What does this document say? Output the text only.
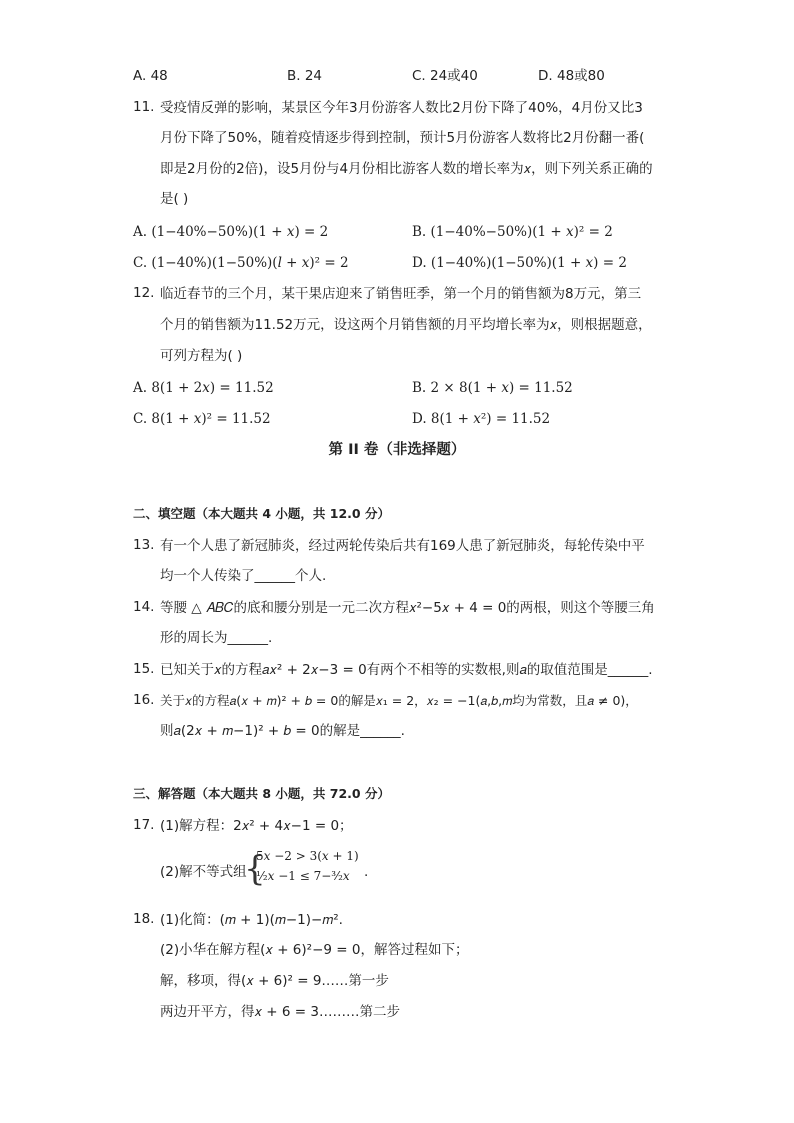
A. 48	B. 24	C. 24或40	D. 48或80
11. 受疫情反弹的影响，某景区今年3月份游客人数比2月份下降了40%，4月份又比3
月份下降了50%，随着疫情逐步得到控制，预计5月份游客人数将比2月份翻一番(
即是2月份的2倍)，设5月份与4月份相比游客人数的增长率为𝑥，则下列关系正确的
是( )
A. (1−40%−50%)(1 + 𝑥) = 2	B. (1−40%−50%)(1 + 𝑥)² = 2
C. (1−40%)(1−50%)(𝑙 + 𝑥)² = 2	D. (1−40%)(1−50%)(1 + 𝑥) = 2
12. 临近春节的三个月，某干果店迎来了销售旺季，第一个月的销售额为8万元，第三
个月的销售额为11.52万元，设这两个月销售额的月平均增长率为𝑥，则根据题意，
可列方程为( )
A. 8(1 + 2𝑥) = 11.52	B. 2 × 8(1 + 𝑥) = 11.52
C. 8(1 + 𝑥)² = 11.52	D. 8(1 + 𝑥²) = 11.52
第 II 卷（非选择题）
二、填空题（本大题共 4 小题，共 12.0 分）
13. 有一个人患了新冠肺炎，经过两轮传染后共有169人患了新冠肺炎，每轮传染中平
均一个人传染了______个人.
14. 等腰 △ 𝐴𝐵𝐶的底和腰分别是一元二次方程𝑥²−5𝑥 + 4 = 0的两根，则这个等腰三角
形的周长为______.
15. 已知关于𝑥的方程𝑎𝑥² + 2𝑥−3 = 0有两个不相等的实数根,则𝑎的取值范围是______.
16. 关于𝑥的方程𝑎(𝑥 + 𝑚)² + 𝑏 = 0的解是𝑥₁ = 2，𝑥₂ = −1(𝑎,𝑏,𝑚均为常数，且𝑎 ≠ 0)，
则𝑎(2𝑥 + 𝑚−1)² + 𝑏 = 0的解是______.
三、解答题（本大题共 8 小题，共 72.0 分）
17. (1)解方程：2𝑥² + 4𝑥−1 = 0；
(2)解不等式组
{
5𝑥 −2 > 3(𝑥 + 1)
½𝑥 −1 ≤ 7−³⁄₂𝑥 .
18. (1)化简：(𝑚 + 1)(𝑚−1)−𝑚².
(2)小华在解方程(𝑥 + 6)²−9 = 0，解答过程如下；
解，移项，得(𝑥 + 6)² = 9……第一步
两边开平方，得𝑥 + 6 = 3………第二步
